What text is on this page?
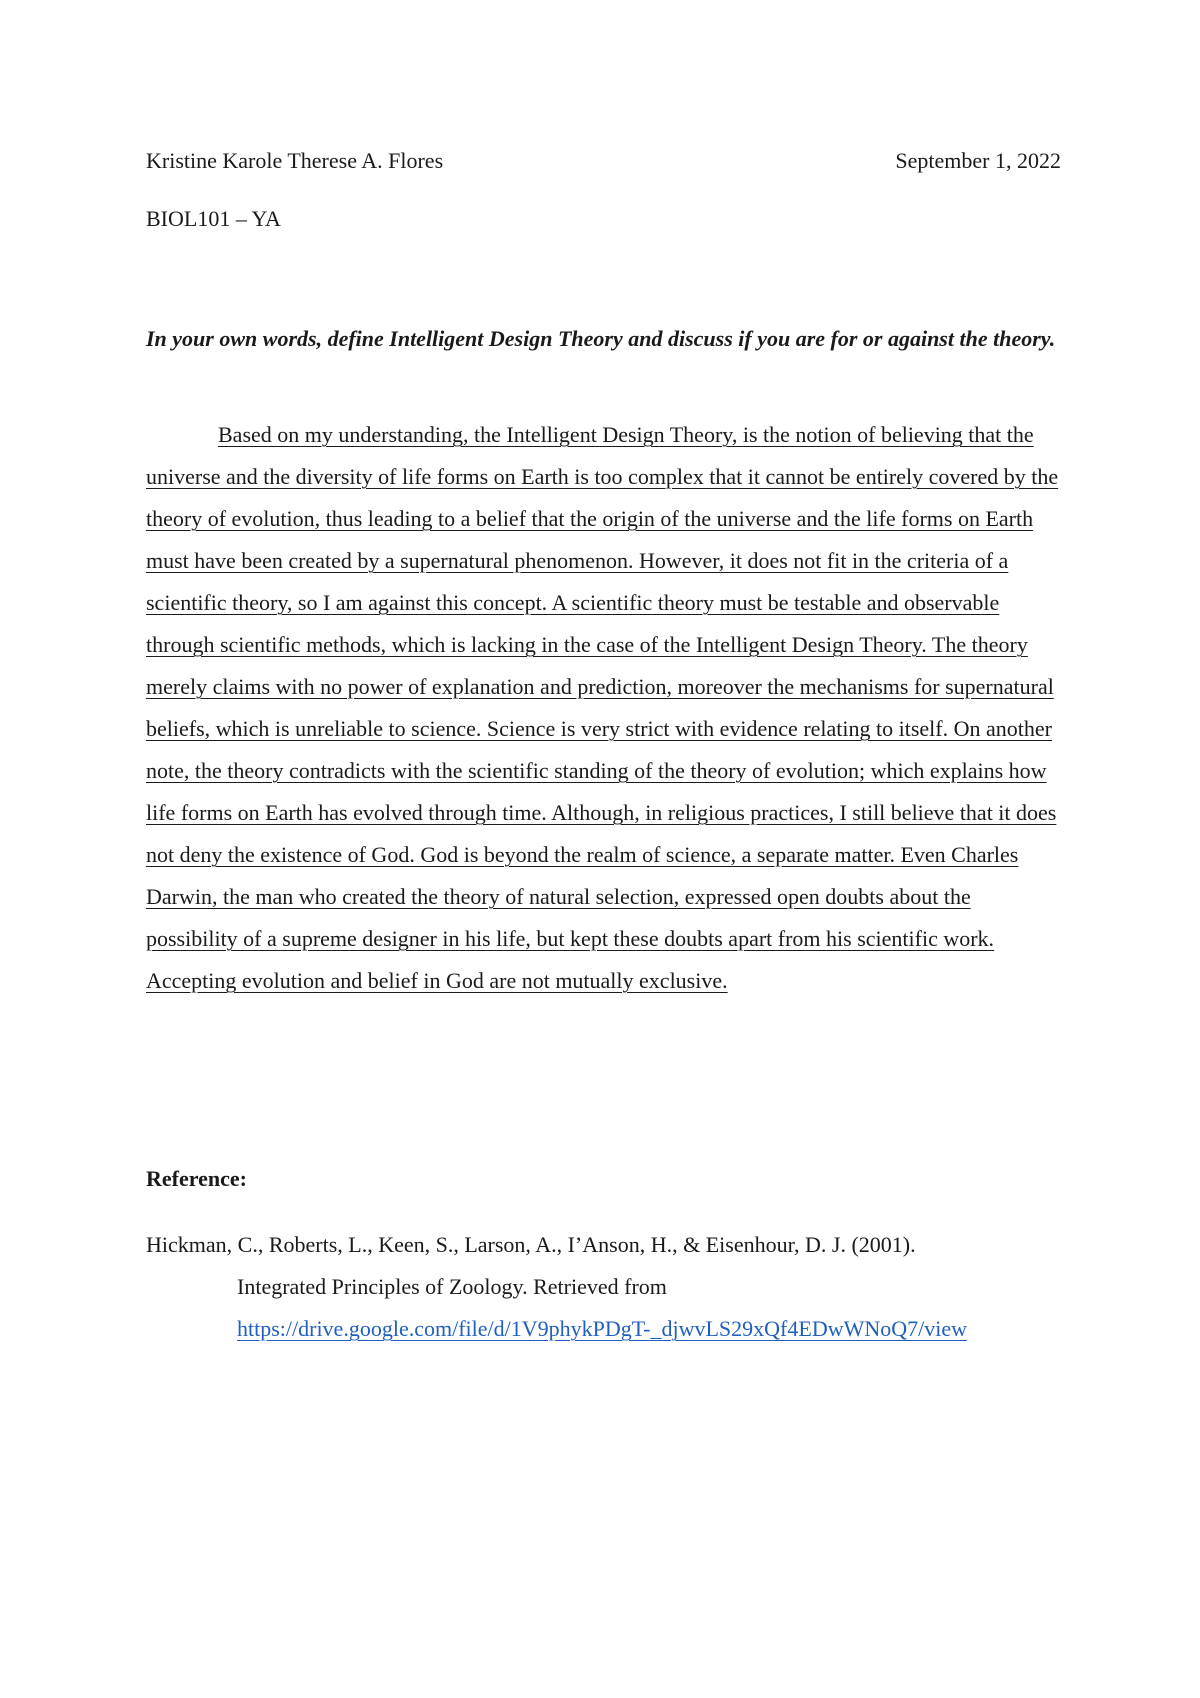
Kristine Karole Therese A. Flores	September 1, 2022
BIOL101 – YA
In your own words, define Intelligent Design Theory and discuss if you are for or against the theory.
Based on my understanding, the Intelligent Design Theory, is the notion of believing that the universe and the diversity of life forms on Earth is too complex that it cannot be entirely covered by the theory of evolution, thus leading to a belief that the origin of the universe and the life forms on Earth must have been created by a supernatural phenomenon. However, it does not fit in the criteria of a scientific theory, so I am against this concept. A scientific theory must be testable and observable through scientific methods, which is lacking in the case of the Intelligent Design Theory. The theory merely claims with no power of explanation and prediction, moreover the mechanisms for supernatural beliefs, which is unreliable to science. Science is very strict with evidence relating to itself. On another note, the theory contradicts with the scientific standing of the theory of evolution; which explains how life forms on Earth has evolved through time. Although, in religious practices, I still believe that it does not deny the existence of God. God is beyond the realm of science, a separate matter. Even Charles Darwin, the man who created the theory of natural selection, expressed open doubts about the possibility of a supreme designer in his life, but kept these doubts apart from his scientific work. Accepting evolution and belief in God are not mutually exclusive.
Reference:
Hickman, C., Roberts, L., Keen, S., Larson, A., I’Anson, H., & Eisenhour, D. J. (2001).
Integrated Principles of Zoology. Retrieved from
https://drive.google.com/file/d/1V9phykPDgT-_djwvLS29xQf4EDwWNoQ7/view
